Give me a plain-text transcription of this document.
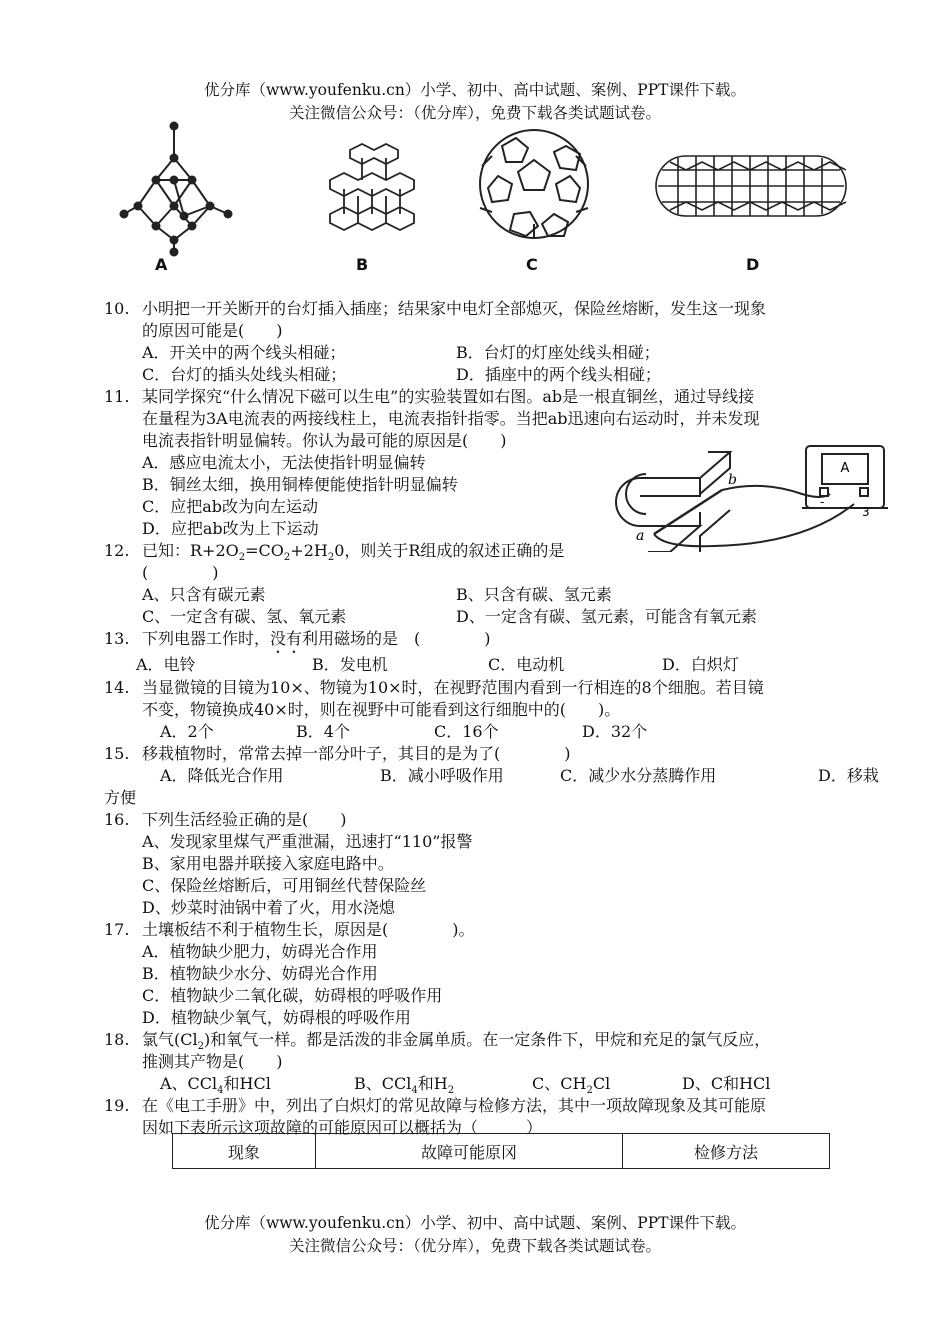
优分库（www.youfenku.cn）小学、初中、高中试题、案例、PPT课件下载。
关注微信公众号：（优分库），免费下载各类试题试卷。
A	B	C	D
10. 小明把一开关断开的台灯插入插座；结果家中电灯全部熄灭，保险丝熔断，发生这一现象
的原因可能是(　　)
A．开关中的两个线头相碰；	B．台灯的灯座处线头相碰；
C．台灯的插头处线头相碰；	D．插座中的两个线头相碰；
11. 某同学探究“什么情况下磁可以生电”的实验装置如右图。ab是一根直铜丝，通过导线接
在量程为3A电流表的两接线柱上，电流表指针指零。当把ab迅速向右运动时，并未发现
电流表指针明显偏转。你认为最可能的原因是(　　)
A．感应电流太小，无法使指针明显偏转
B．铜丝太细，换用铜棒便能使指针明显偏转
C．应把ab改为向左运动
D．应把ab改为上下运动
A
b
a
-
3
12. 已知：$R+2O_2=CO_2+2H_20$，则关于R组成的叙述正确的是
(　　　　)
A、只含有碳元素	B、只含有碳、氢元素
C、一定含有碳、氢、氧元素	D、一定含有碳、氢元素，可能含有氧元素
13. 下列电器工作时，没有利用磁场的是　(　　　　)
A．电铃	B．发电机	C．电动机	D．白炽灯
14. 当显微镜的目镜为10×、物镜为10×时，在视野范围内看到一行相连的8个细胞。若目镜
不变，物镜换成40×时，则在视野中可能看到这行细胞中的(　　)。
A．2个	B．4个	C．16个	D．32个
15. 移栽植物时，常常去掉一部分叶子，其目的是为了(　　　　)
A．降低光合作用	B．减小呼吸作用	C．减少水分蒸腾作用	D．移栽
方便
16. 下列生活经验正确的是(　　)
A、发现家里煤气严重泄漏，迅速打“110”报警
B、家用电器并联接入家庭电路中。
C、保险丝熔断后，可用铜丝代替保险丝
D、炒菜时油锅中着了火，用水浇熄
17. 土壤板结不利于植物生长，原因是(　　　　)。
A．植物缺少肥力，妨碍光合作用
B．植物缺少水分、妨碍光合作用
C．植物缺少二氧化碳，妨碍根的呼吸作用
D．植物缺少氧气，妨碍根的呼吸作用
18. 氯气$(Cl_2)$和氧气一样。都是活泼的非金属单质。在一定条件下，甲烷和充足的氯气反应，
推测其产物是(　　)
A、CCl$_4$和HCl	B、CCl$_4$和$H_2$	C、$CH_2Cl$	D、C和HCl
19. 在《电工手册》中，列出了白炽灯的常见故障与检修方法，其中一项故障现象及其可能原
因如下表所示这项故障的可能原因可以概括为（　　　）
现象	故障可能原冈	检修方法
优分库（www.youfenku.cn）小学、初中、高中试题、案例、PPT课件下载。
关注微信公众号：（优分库），免费下载各类试题试卷。
